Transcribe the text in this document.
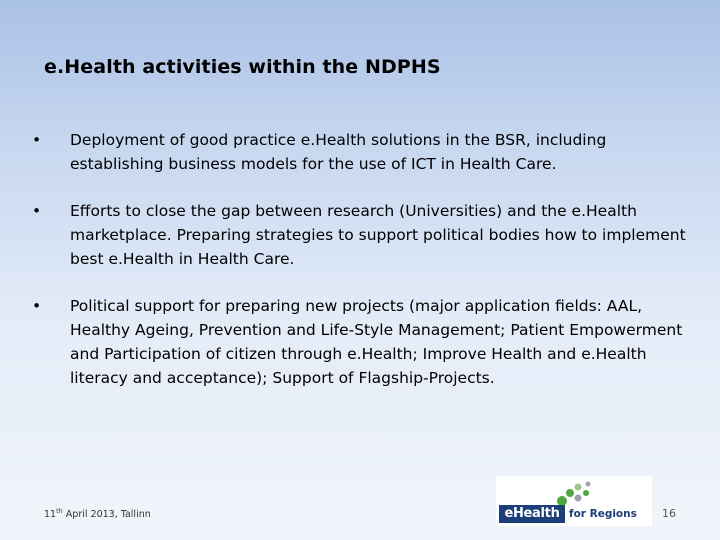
e.Health activities within the NDPHS
•	Deployment of good practice e.Health solutions in the BSR, including establishing business models for the use of ICT in Health Care.
•	Efforts to close the gap between research (Universities) and the e.Health marketplace. Preparing strategies to support political bodies how to implement best e.Health in Health Care.
•	Political support for preparing new projects (major application fields: AAL, Healthy Ageing, Prevention and Life-Style Management; Patient Empowerment and Participation of citizen through e.Health; Improve Health and e.Health literacy and acceptance); Support of Flagship-Projects.
11th April 2013, Tallinn	eHealth for Regions 16
